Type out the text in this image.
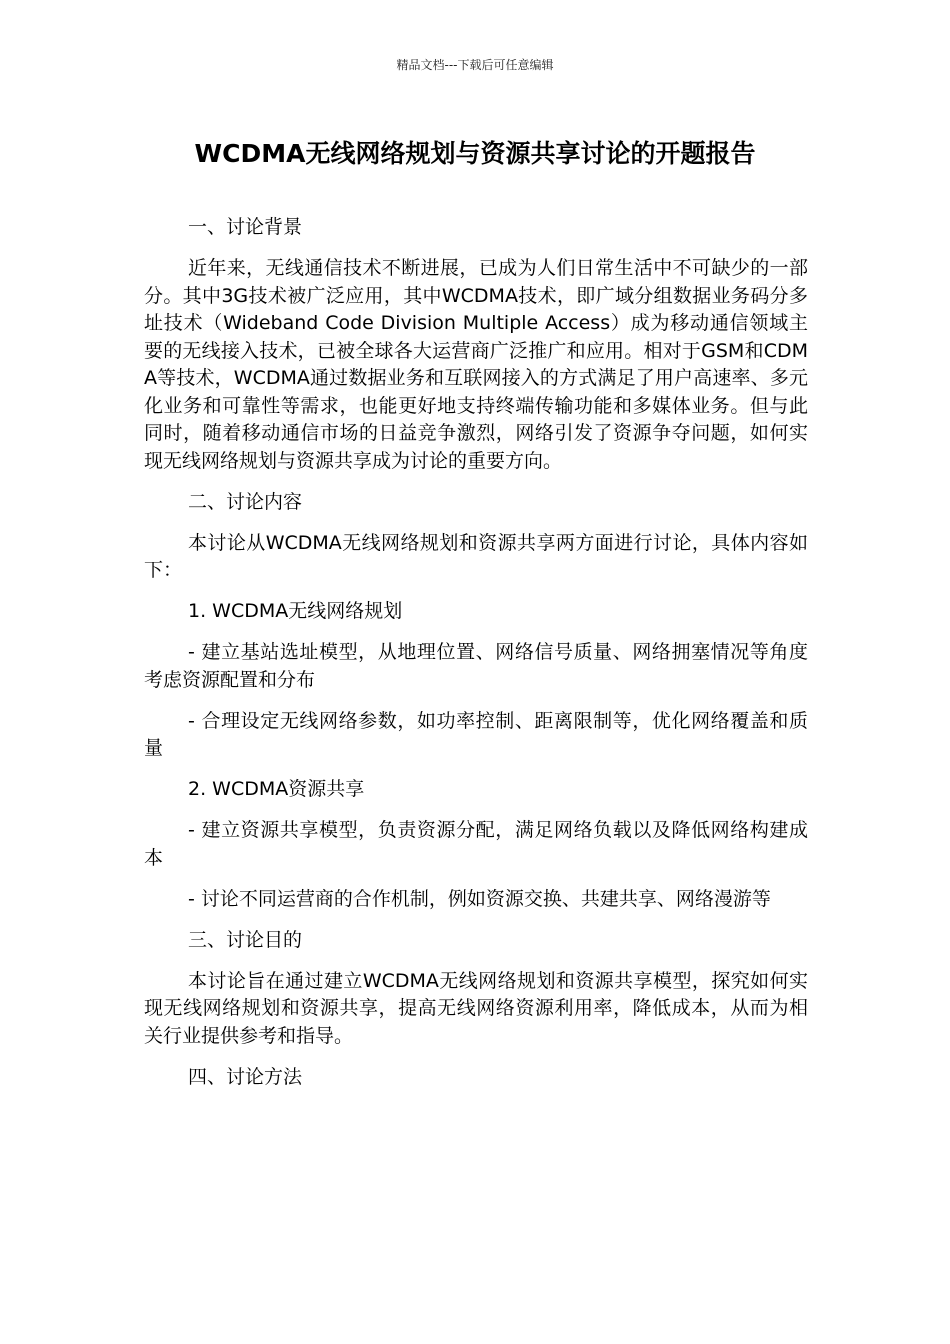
精品文档---下载后可任意编辑
WCDMA无线网络规划与资源共享讨论的开题报告

一、讨论背景

近年来，无线通信技术不断进展，已成为人们日常生活中不可缺少的一部分。其中3G技术被广泛应用，其中WCDMA技术，即广域分组数据业务码分多址技术（Wideband Code Division Multiple Access）成为移动通信领域主要的无线接入技术，已被全球各大运营商广泛推广和应用。相对于GSM和CDMA等技术，WCDMA通过数据业务和互联网接入的方式满足了用户高速率、多元化业务和可靠性等需求，也能更好地支持终端传输功能和多媒体业务。但与此同时，随着移动通信市场的日益竞争激烈，网络引发了资源争夺问题，如何实现无线网络规划与资源共享成为讨论的重要方向。

二、讨论内容

本讨论从WCDMA无线网络规划和资源共享两方面进行讨论，具体内容如下：

1. WCDMA无线网络规划

- 建立基站选址模型，从地理位置、网络信号质量、网络拥塞情况等角度考虑资源配置和分布

- 合理设定无线网络参数，如功率控制、距离限制等，优化网络覆盖和质量

2. WCDMA资源共享

- 建立资源共享模型，负责资源分配，满足网络负载以及降低网络构建成本

- 讨论不同运营商的合作机制，例如资源交换、共建共享、网络漫游等

三、讨论目的

本讨论旨在通过建立WCDMA无线网络规划和资源共享模型，探究如何实现无线网络规划和资源共享，提高无线网络资源利用率，降低成本，从而为相关行业提供参考和指导。

四、讨论方法
